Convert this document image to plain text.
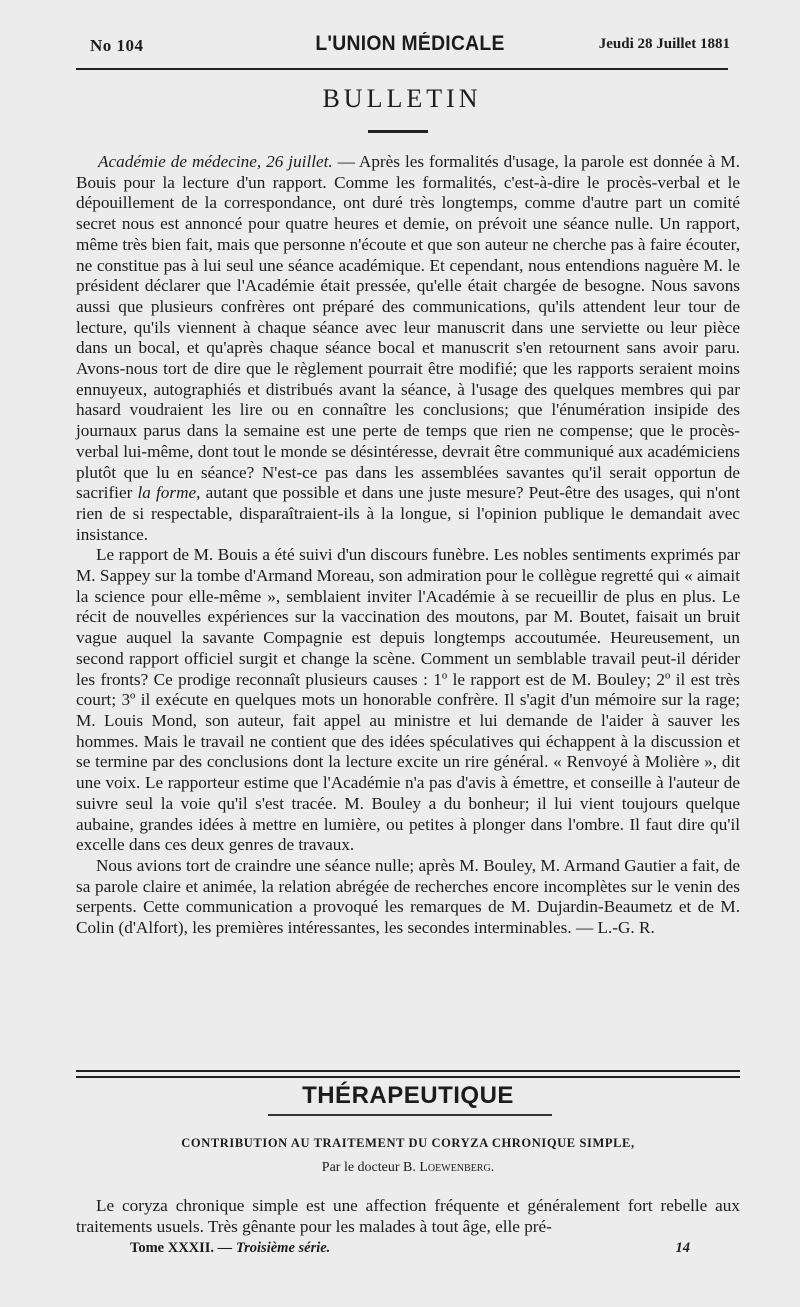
No 104	L'UNION MÉDICALE	Jeudi 28 Juillet 1881
BULLETIN

Académie de médecine, 26 juillet. — Après les formalités d'usage, la parole est donnée à M. Bouis pour la lecture d'un rapport. Comme les formalités, c'est-à-dire le procès-verbal et le dépouillement de la correspondance, ont duré très longtemps, comme d'autre part un comité secret nous est annoncé pour quatre heures et demie, on prévoit une séance nulle. Un rapport, même très bien fait, mais que personne n'écoute et que son auteur ne cherche pas à faire écouter, ne constitue pas à lui seul une séance académique. Et cependant, nous entendions naguère M. le président déclarer que l'Académie était pressée, qu'elle était chargée de besogne. Nous savons aussi que plusieurs confrères ont préparé des communications, qu'ils attendent leur tour de lecture, qu'ils viennent à chaque séance avec leur manuscrit dans une serviette ou leur pièce dans un bocal, et qu'après chaque séance bocal et manuscrit s'en retournent sans avoir paru. Avons-nous tort de dire que le règlement pourrait être modifié; que les rapports seraient moins ennuyeux, autographiés et distribués avant la séance, à l'usage des quelques membres qui par hasard voudraient les lire ou en connaître les conclusions; que l'énumération insipide des journaux parus dans la semaine est une perte de temps que rien ne compense; que le procès-verbal lui-même, dont tout le monde se désintéresse, devrait être communiqué aux académiciens plutôt que lu en séance? N'est-ce pas dans les assemblées savantes qu'il serait opportun de sacrifier la forme, autant que possible et dans une juste mesure? Peut-être des usages, qui n'ont rien de si respectable, disparaîtraient-ils à la longue, si l'opinion publique le demandait avec insistance.

Le rapport de M. Bouis a été suivi d'un discours funèbre. Les nobles sentiments exprimés par M. Sappey sur la tombe d'Armand Moreau, son admiration pour le collègue regretté qui « aimait la science pour elle-même », semblaient inviter l'Académie à se recueillir de plus en plus. Le récit de nouvelles expériences sur la vaccination des moutons, par M. Boutet, faisait un bruit vague auquel la savante Compagnie est depuis longtemps accoutumée. Heureusement, un second rapport officiel surgit et change la scène. Comment un semblable travail peut-il dérider les fronts? Ce prodige reconnaît plusieurs causes : 1º le rapport est de M. Bouley; 2º il est très court; 3º il exécute en quelques mots un honorable confrère. Il s'agit d'un mémoire sur la rage; M. Louis Mond, son auteur, fait appel au ministre et lui demande de l'aider à sauver les hommes. Mais le travail ne contient que des idées spéculatives qui échappent à la discussion et se termine par des conclusions dont la lecture excite un rire général. « Renvoyé à Molière », dit une voix. Le rapporteur estime que l'Académie n'a pas d'avis à émettre, et conseille à l'auteur de suivre seul la voie qu'il s'est tracée. M. Bouley a du bonheur; il lui vient toujours quelque aubaine, grandes idées à mettre en lumière, ou petites à plonger dans l'ombre. Il faut dire qu'il excelle dans ces deux genres de travaux.

Nous avions tort de craindre une séance nulle; après M. Bouley, M. Armand Gautier a fait, de sa parole claire et animée, la relation abrégée de recherches encore incomplètes sur le venin des serpents. Cette communication a provoqué les remarques de M. Dujardin-Beaumetz et de M. Colin (d'Alfort), les premières intéressantes, les secondes interminables. — L.-G. R.

THÉRAPEUTIQUE
CONTRIBUTION AU TRAITEMENT DU CORYZA CHRONIQUE SIMPLE,
Par le docteur B. Loewenberg.

Le coryza chronique simple est une affection fréquente et généralement fort rebelle aux traitements usuels. Très gênante pour les malades à tout âge, elle pré-

Tome XXXII. — Troisième série.	14
